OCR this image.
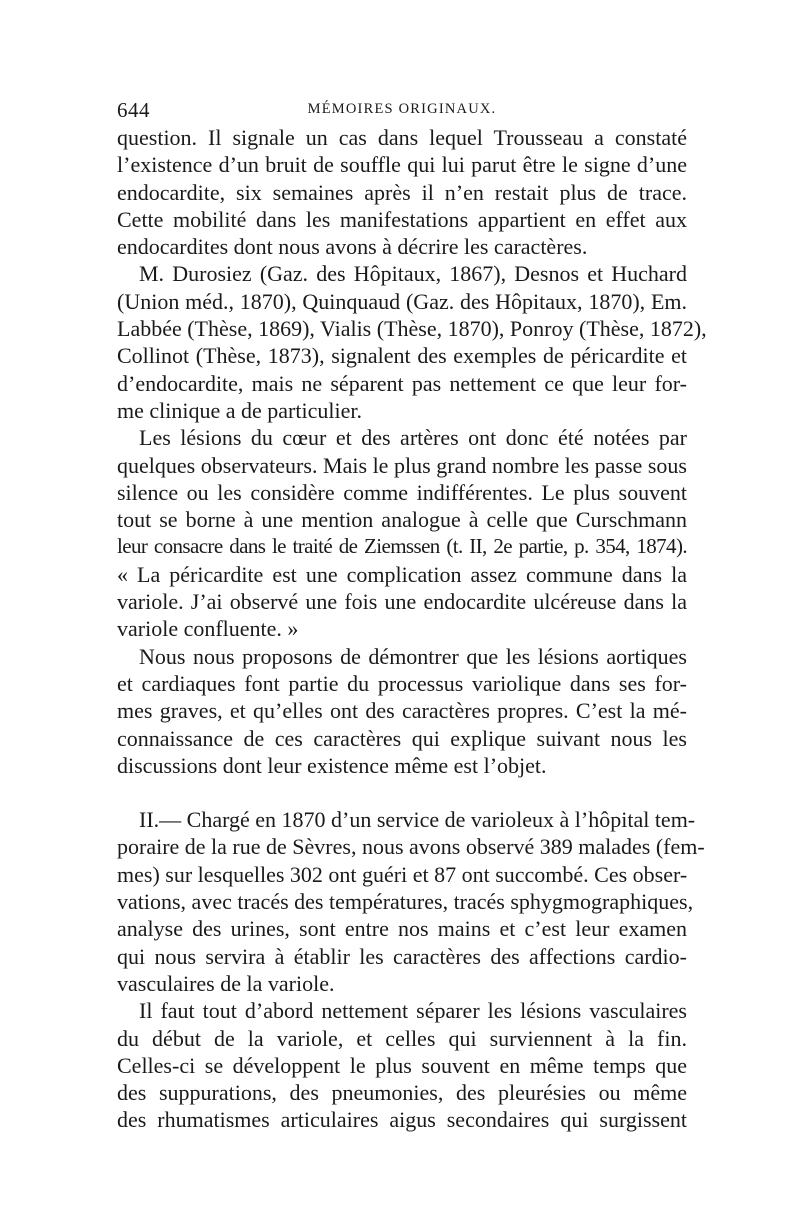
644	MÉMOIRES ORIGINAUX.
question. Il signale un cas dans lequel Trousseau a constaté
l’existence d’un bruit de souffle qui lui parut être le signe d’une
endocardite, six semaines après il n’en restait plus de trace.
Cette mobilité dans les manifestations appartient en effet aux
endocardites dont nous avons à décrire les caractères.
M. Durosiez (Gaz. des Hôpitaux, 1867), Desnos et Huchard
(Union méd., 1870), Quinquaud (Gaz. des Hôpitaux, 1870), Em.
Labbée (Thèse, 1869), Vialis (Thèse, 1870), Ponroy (Thèse, 1872),
Collinot (Thèse, 1873), signalent des exemples de péricardite et
d’endocardite, mais ne séparent pas nettement ce que leur for-
me clinique a de particulier.
Les lésions du cœur et des artères ont donc été notées par
quelques observateurs. Mais le plus grand nombre les passe sous
silence ou les considère comme indifférentes. Le plus souvent
tout se borne à une mention analogue à celle que Curschmann
leur consacre dans le traité de Ziemssen (t. II, 2e partie, p. 354, 1874).
« La péricardite est une complication assez commune dans la
variole. J’ai observé une fois une endocardite ulcéreuse dans la
variole confluente. »
Nous nous proposons de démontrer que les lésions aortiques
et cardiaques font partie du processus variolique dans ses for-
mes graves, et qu’elles ont des caractères propres. C’est la mé-
connaissance de ces caractères qui explique suivant nous les
discussions dont leur existence même est l’objet.
II.— Chargé en 1870 d’un service de varioleux à l’hôpital tem-
poraire de la rue de Sèvres, nous avons observé 389 malades (fem-
mes) sur lesquelles 302 ont guéri et 87 ont succombé. Ces obser-
vations, avec tracés des températures, tracés sphygmographiques,
analyse des urines, sont entre nos mains et c’est leur examen
qui nous servira à établir les caractères des affections cardio-
vasculaires de la variole.
Il faut tout d’abord nettement séparer les lésions vasculaires
du début de la variole, et celles qui surviennent à la fin.
Celles-ci se développent le plus souvent en même temps que
des suppurations, des pneumonies, des pleurésies ou même
des rhumatismes articulaires aigus secondaires qui surgissent
